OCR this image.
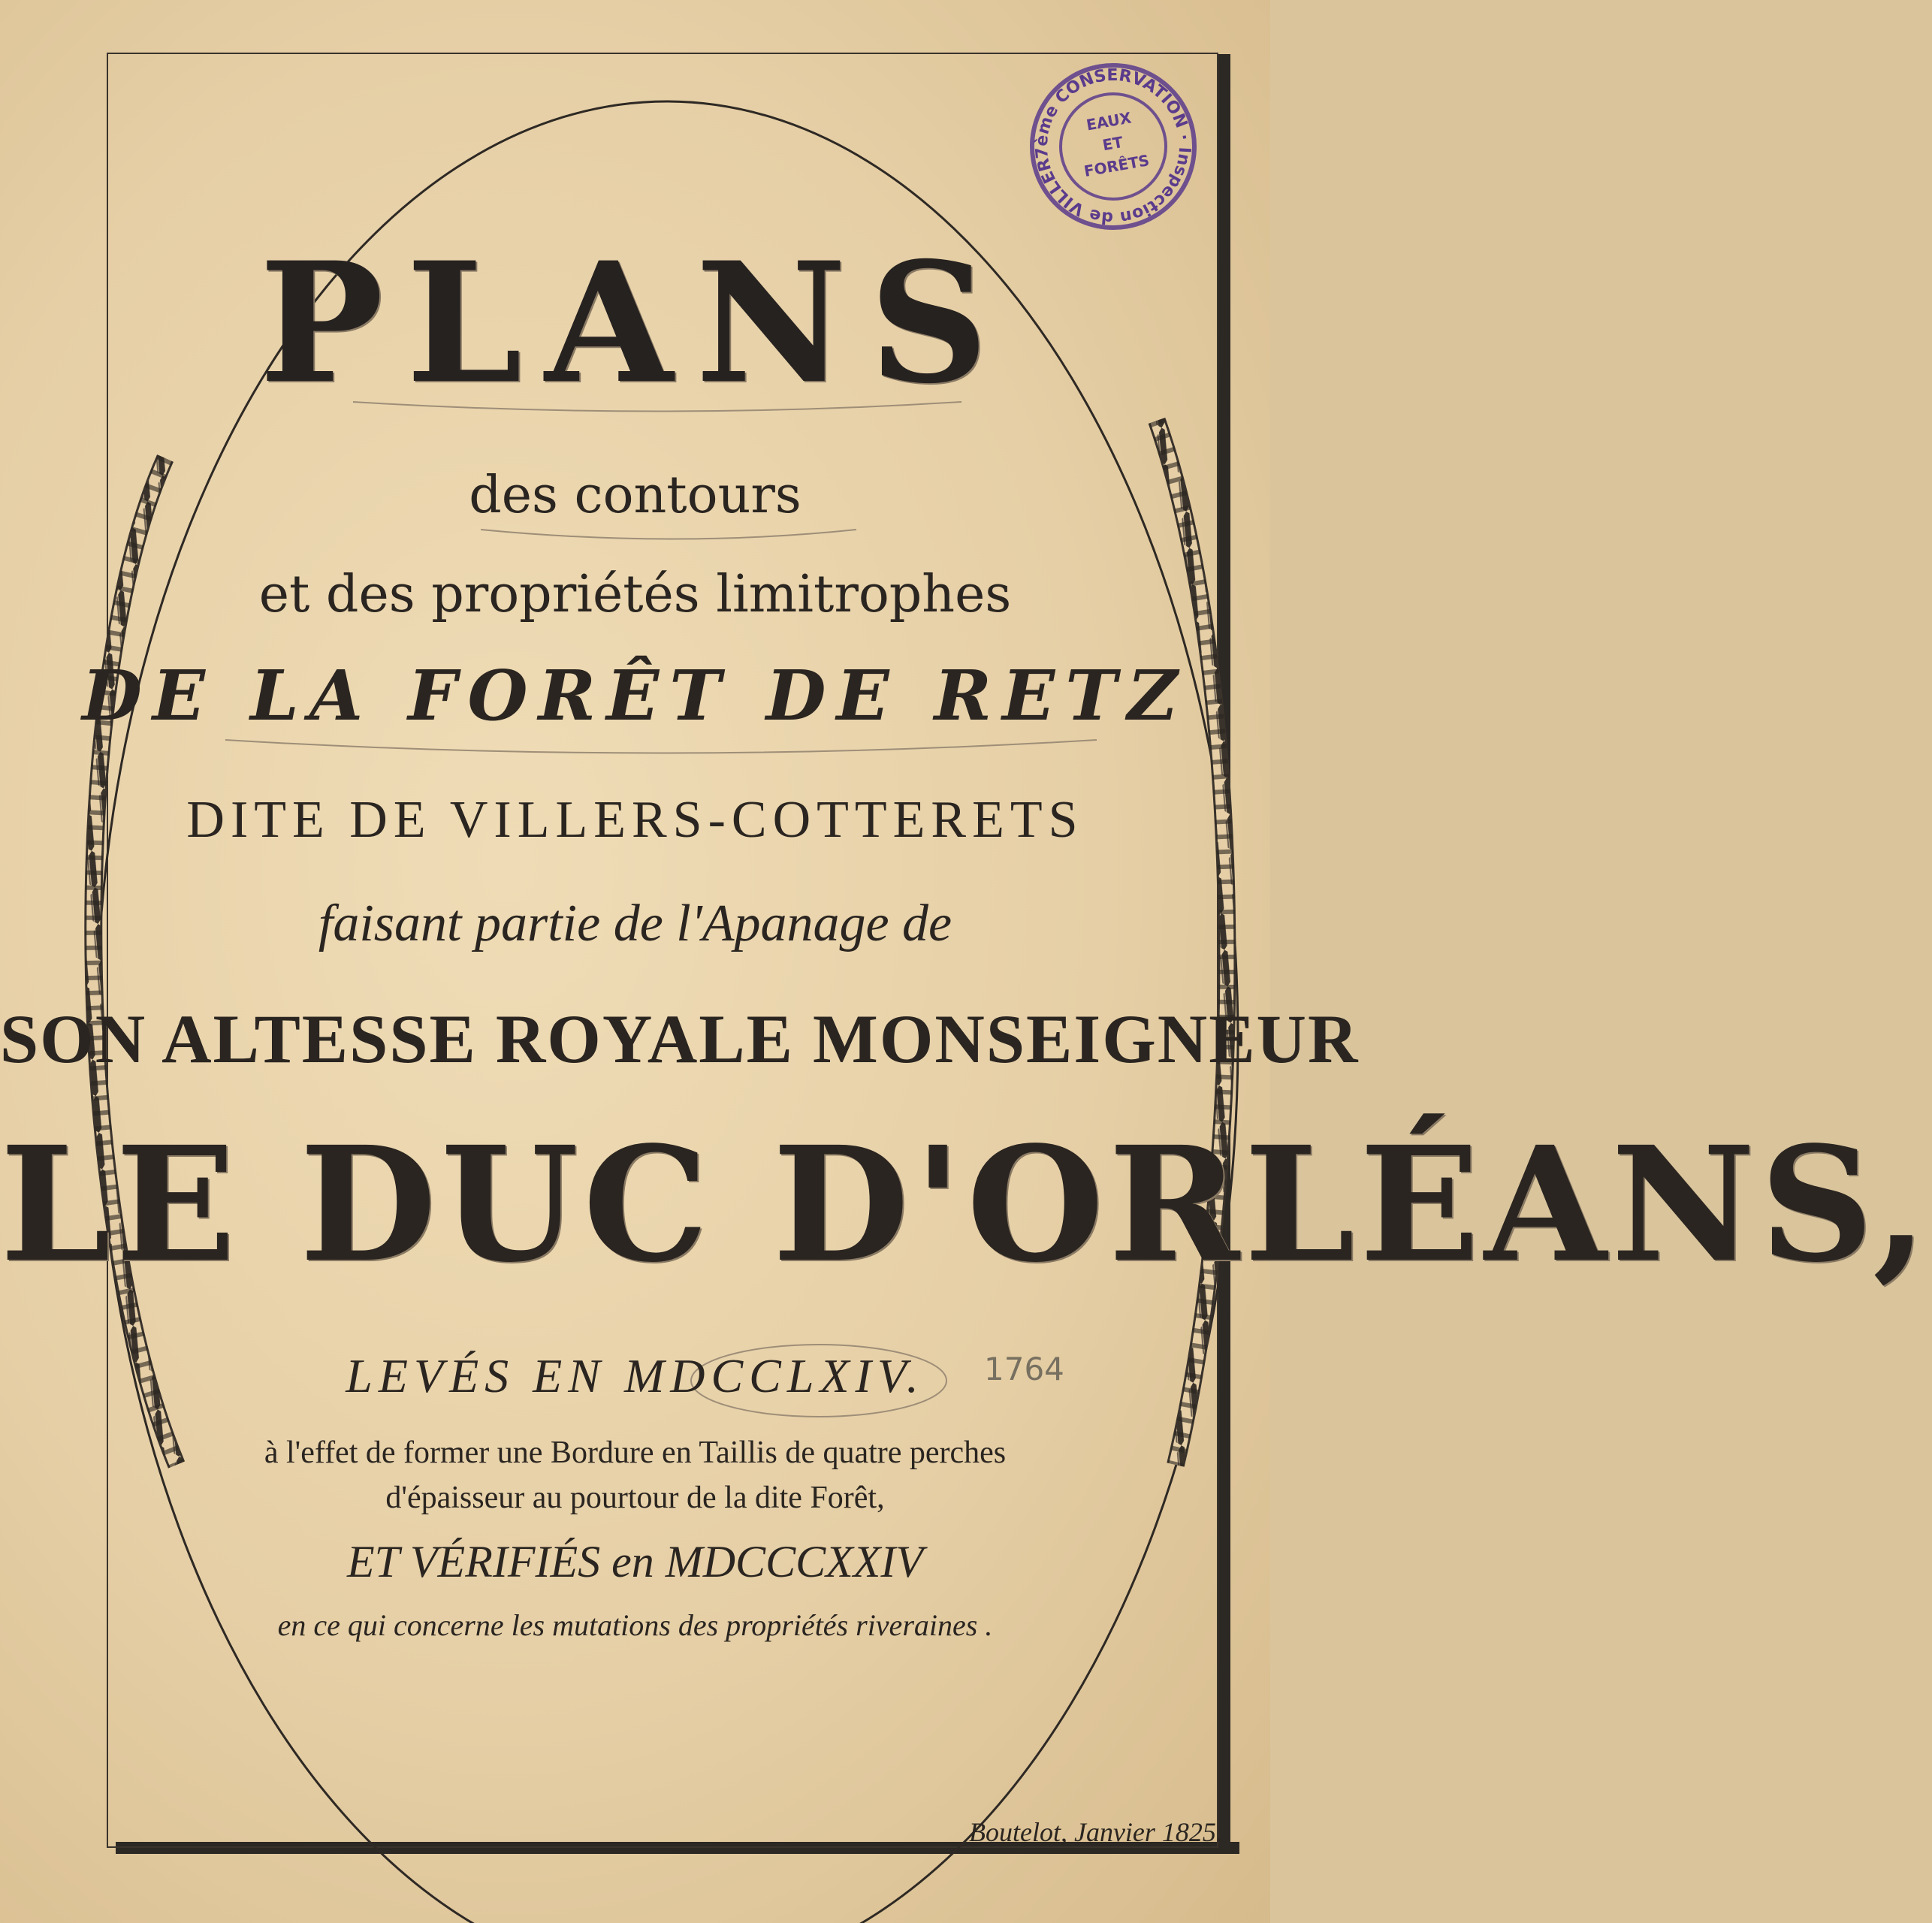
PLANS
des contours
et des propriétés limitrophes
DE LA FORÊT DE RETZ
DITE DE VILLERS-COTTERETS
faisant partie de l'Apanage de
SON ALTESSE ROYALE MONSEIGNEUR
LE DUC D'ORLÉANS,
LEVÉS EN MDCCLXIV.	1764
à l'effet de former une Bordure en Taillis de quatre perches
d'épaisseur au pourtour de la dite Forêt,
ET VÉRIFIÉS en MDCCCXXIV
en ce qui concerne les mutations des propriétés riveraines .
Boutelot, Janvier 1825.
7ème CONSERVATION · Inspection de VILLERS-COTTERETS
EAUX
ET
FORÊTS
